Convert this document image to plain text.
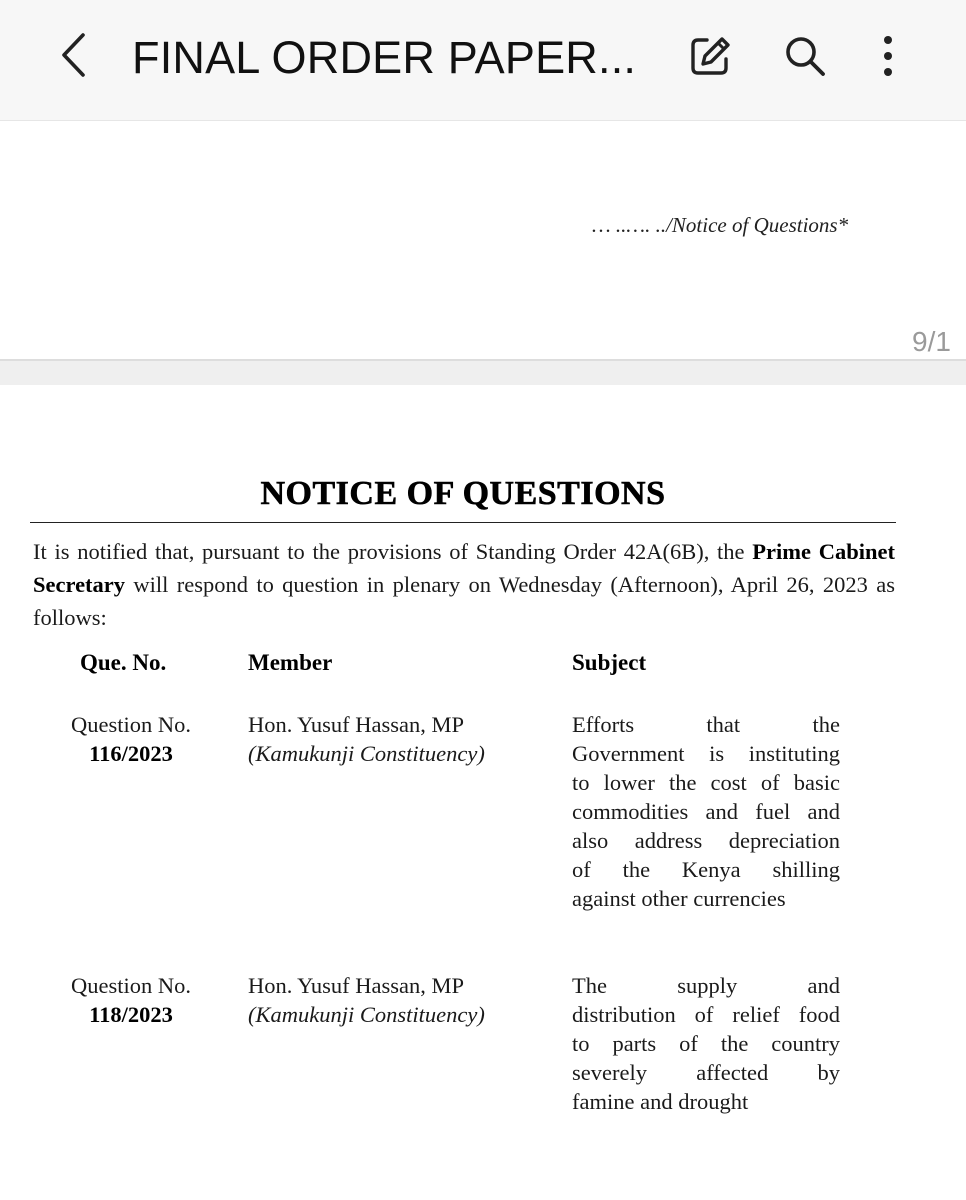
FINAL ORDER PAPER...
… ..…. ../Notice of Questions*
9/1
NOTICE OF QUESTIONS
It is notified that, pursuant to the provisions of Standing Order 42A(6B), the Prime Cabinet Secretary will respond to question in plenary on Wednesday (Afternoon), April 26, 2023 as follows:
Que. No.	Member	Subject
Question No.
116/2023
Hon. Yusuf Hassan, MP
(Kamukunji Constituency)
Efforts that the
Government is instituting
to lower the cost of basic
commodities and fuel and
also address depreciation
of the Kenya shilling
against other currencies
Question No.
118/2023
Hon. Yusuf Hassan, MP
(Kamukunji Constituency)
The supply and
distribution of relief food
to parts of the country
severely affected by
famine and drought
